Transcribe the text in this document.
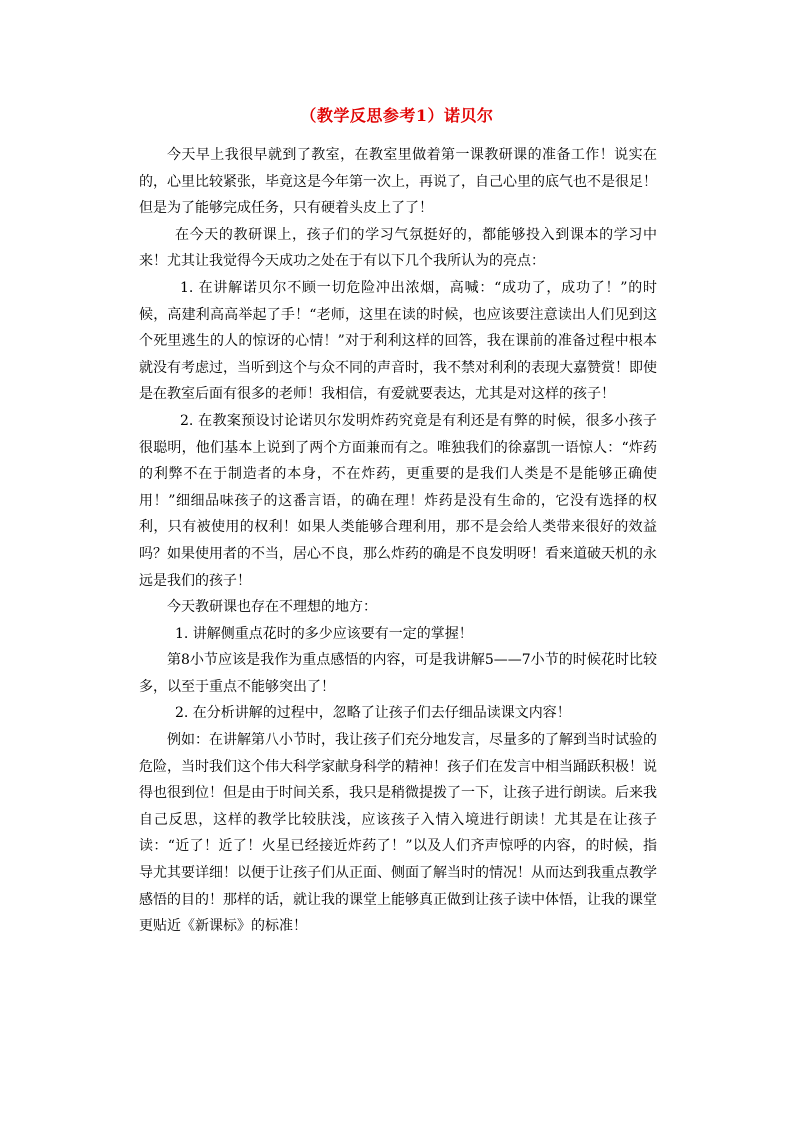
（教学反思参考1）诺贝尔

今天早上我很早就到了教室，在教室里做着第一课教研课的准备工作！说实在的，心里比较紧张，毕竟这是今年第一次上，再说了，自己心里的底气也不是很足！但是为了能够完成任务，只有硬着头皮上了了！

在今天的教研课上，孩子们的学习气氛挺好的，都能够投入到课本的学习中来！尤其让我觉得今天成功之处在于有以下几个我所认为的亮点：

1. 在讲解诺贝尔不顾一切危险冲出浓烟，高喊：“成功了，成功了！”的时候，高建利高高举起了手！“老师，这里在读的时候，也应该要注意读出人们见到这个死里逃生的人的惊讶的心情！”对于利利这样的回答，我在课前的准备过程中根本就没有考虑过，当听到这个与众不同的声音时，我不禁对利利的表现大嘉赞赏！即使是在教室后面有很多的老师！我相信，有爱就要表达，尤其是对这样的孩子！

2. 在教案预设讨论诺贝尔发明炸药究竟是有利还是有弊的时候，很多小孩子很聪明，他们基本上说到了两个方面兼而有之。唯独我们的徐嘉凯一语惊人：“炸药的利弊不在于制造者的本身，不在炸药，更重要的是我们人类是不是能够正确使用！”细细品味孩子的这番言语，的确在理！炸药是没有生命的，它没有选择的权利，只有被使用的权利！如果人类能够合理利用，那不是会给人类带来很好的效益吗？如果使用者的不当，居心不良，那么炸药的确是不良发明呀！看来道破天机的永远是我们的孩子！

今天教研课也存在不理想的地方：

1. 讲解侧重点花时的多少应该要有一定的掌握！

第8小节应该是我作为重点感悟的内容，可是我讲解5——7小节的时候花时比较多，以至于重点不能够突出了！

2. 在分析讲解的过程中，忽略了让孩子们去仔细品读课文内容！

例如：在讲解第八小节时，我让孩子们充分地发言，尽量多的了解到当时试验的危险，当时我们这个伟大科学家献身科学的精神！孩子们在发言中相当踊跃积极！说得也很到位！但是由于时间关系，我只是稍微提拨了一下，让孩子进行朗读。后来我自己反思，这样的教学比较肤浅，应该孩子入情入境进行朗读！尤其是在让孩子读：“近了！近了！火星已经接近炸药了！”以及人们齐声惊呼的内容，的时候，指导尤其要详细！以便于让孩子们从正面、侧面了解当时的情况！从而达到我重点教学感悟的目的！那样的话，就让我的课堂上能够真正做到让孩子读中体悟，让我的课堂更贴近《新课标》的标准！
